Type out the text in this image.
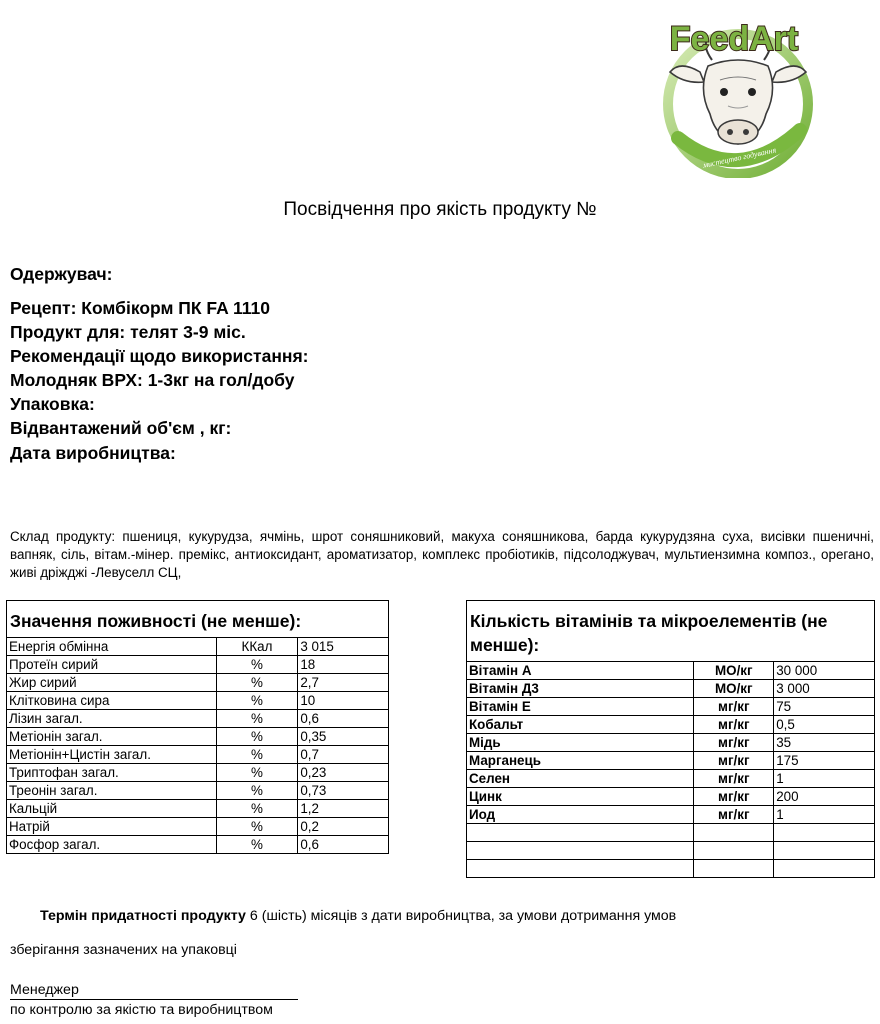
мистецтво годування
FeedArt
Посвідчення про якість продукту №

Одержувач:

Рецепт: Комбікорм ПК FA 1110

Продукт для: телят 3-9 міс.

Рекомендації щодо використання:

Молодняк ВРХ: 1-3кг на гол/добу

Упаковка:

Відвантажений об'єм , кг:

Дата виробництва:

Склад продукту: пшениця, кукурудза, ячмінь, шрот соняшниковий, макуха соняшникова, барда кукурудзяна суха, висівки пшеничні, вапняк, сіль, вітам.-мінер. премікс, антиоксидант, ароматизатор, комплекс пробіотиків, підсолоджувач, мультиензимна композ., орегано, живі дріжджі -Левуселл СЦ,
Значення поживності (не менше):		
Енергія обмінна	ККал	3 015
Протеїн сирий	%	18
Жир сирий	%	2,7
Клітковина сира	%	10
Лізин загал.	%	0,6
Метіонін загал.	%	0,35
Метіонін+Цистін загал.	%	0,7
Триптофан загал.	%	0,23
Треонін загал.	%	0,73
Кальцій	%	1,2
Натрій	%	0,2
Фосфор загал.	%	0,6
Кількість вітамінів та мікроелементів (не менше):		
Вітамін А	МО/кг	30 000
Вітамін Д3	МО/кг	3 000
Вітамін Е	мг/кг	75
Кобальт	мг/кг	0,5
Мідь	мг/кг	35
Марганець	мг/кг	175
Селен	мг/кг	1
Цинк	мг/кг	200
Иод	мг/кг	1

Термін придатності продукту 6 (шість) місяців з дати виробництва, за умови дотримання умов
зберігання зазначених на упаковці
Менеджер
по контролю за якістю та виробництвом
